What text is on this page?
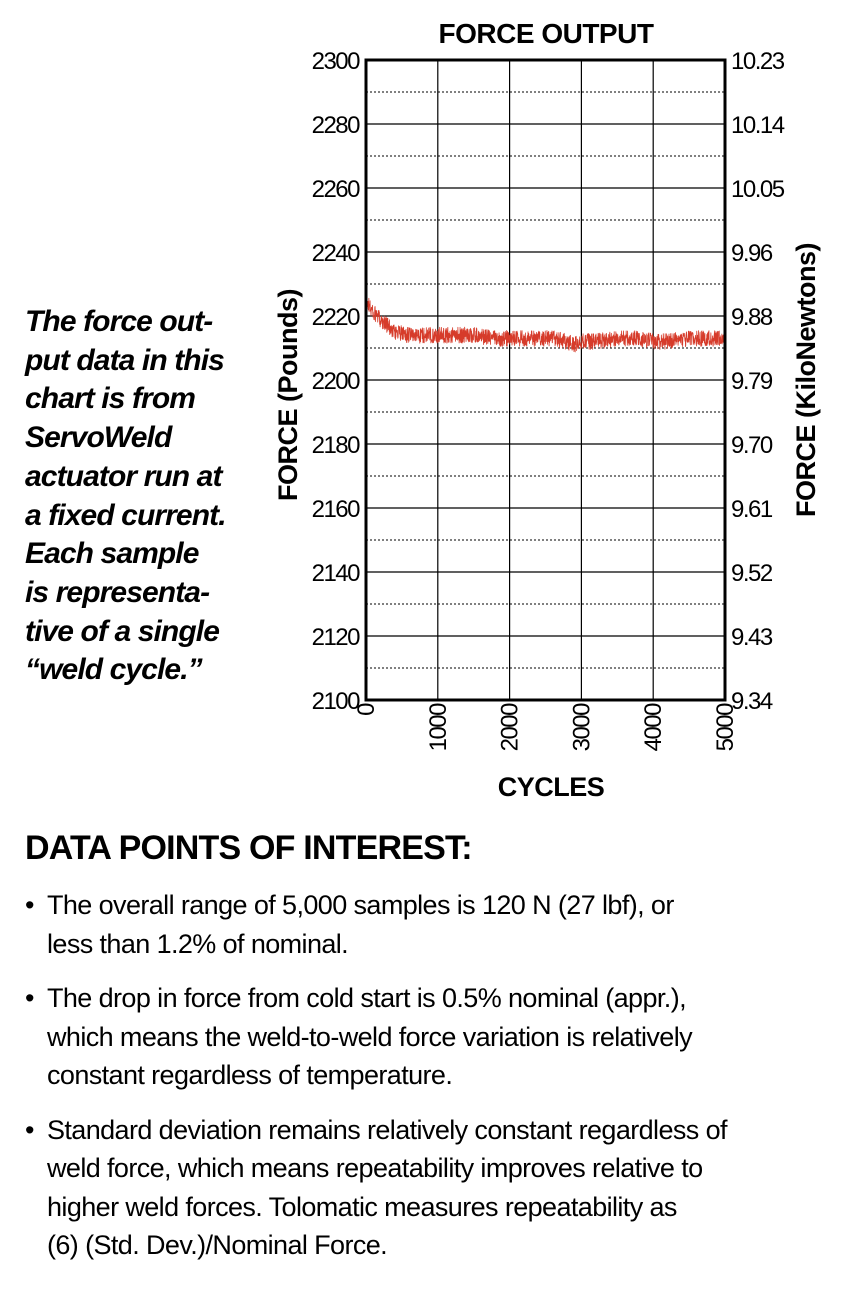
FORCE OUTPUT
2100
2120
2140
2160
2180
2200
2220
2240
2260
2280
2300
9.34
9.43
9.52
9.61
9.70
9.79
9.88
9.96
10.05
10.14
10.23
0 1000 2000 3000 4000 5000
FORCE (Pounds)	FORCE (KiloNewtons)
CYCLES
The force out-
put data in this
chart is from
ServoWeld
actuator run at
a fixed current.
Each sample
is representa-
tive of a single
“weld cycle.”
DATA POINTS OF INTEREST:
• The overall range of 5,000 samples is 120 N (27 lbf), or
less than 1.2% of nominal.
• The drop in force from cold start is 0.5% nominal (appr.),
which means the weld-to-weld force variation is relatively
constant regardless of temperature.
• Standard deviation remains relatively constant regardless of
weld force, which means repeatability improves relative to
higher weld forces. Tolomatic measures repeatability as
(6) (Std. Dev.)/Nominal Force.
